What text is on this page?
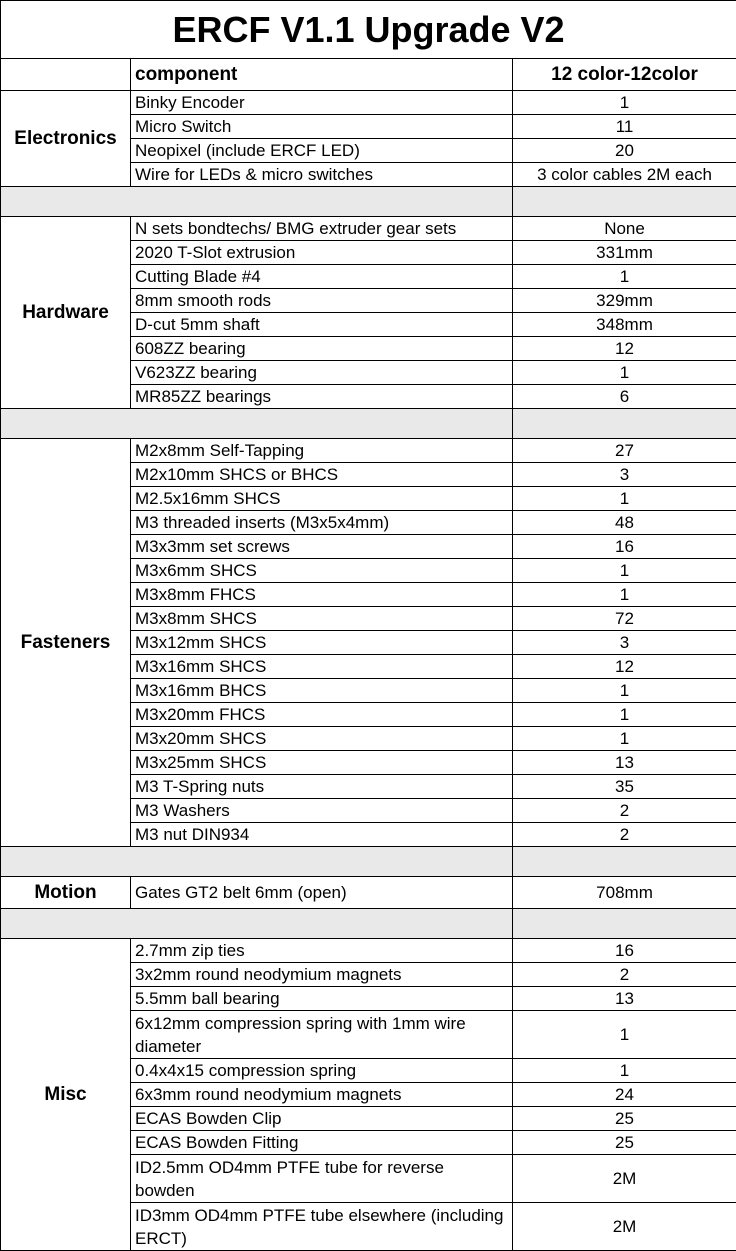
ERCF V1.1 Upgrade V2		
	component	12 color-12color
Electronics	Binky Encoder	1
	Micro Switch	11
	Neopixel (include ERCF LED)	20
	Wire for LEDs & micro switches	3 color cables 2M each

Hardware	N sets bondtechs/ BMG extruder gear sets	None
	2020 T-Slot extrusion	331mm
	Cutting Blade #4	1
	8mm smooth rods	329mm
	D-cut 5mm shaft	348mm
	608ZZ bearing	12
	V623ZZ bearing	1
	MR85ZZ bearings	6

Fasteners	M2x8mm Self-Tapping	27
	M2x10mm SHCS or BHCS	3
	M2.5x16mm SHCS	1
	M3 threaded inserts (M3x5x4mm)	48
	M3x3mm set screws	16
	M3x6mm SHCS	1
	M3x8mm FHCS	1
	M3x8mm SHCS	72
	M3x12mm SHCS	3
	M3x16mm SHCS	12
	M3x16mm BHCS	1
	M3x20mm FHCS	1
	M3x20mm SHCS	1
	M3x25mm SHCS	13
	M3 T-Spring nuts	35
	M3 Washers	2
	M3 nut DIN934	2

Motion	Gates GT2 belt 6mm (open)	708mm

Misc	2.7mm zip ties	16
	3x2mm round neodymium magnets	2
	5.5mm ball bearing	13
	6x12mm compression spring with 1mm wire diameter	1
	0.4x4x15 compression spring	1
	6x3mm round neodymium magnets	24
	ECAS Bowden Clip	25
	ECAS Bowden Fitting	25
	ID2.5mm OD4mm PTFE tube for reverse bowden	2M
	ID3mm OD4mm PTFE tube elsewhere (including ERCT)	2M
